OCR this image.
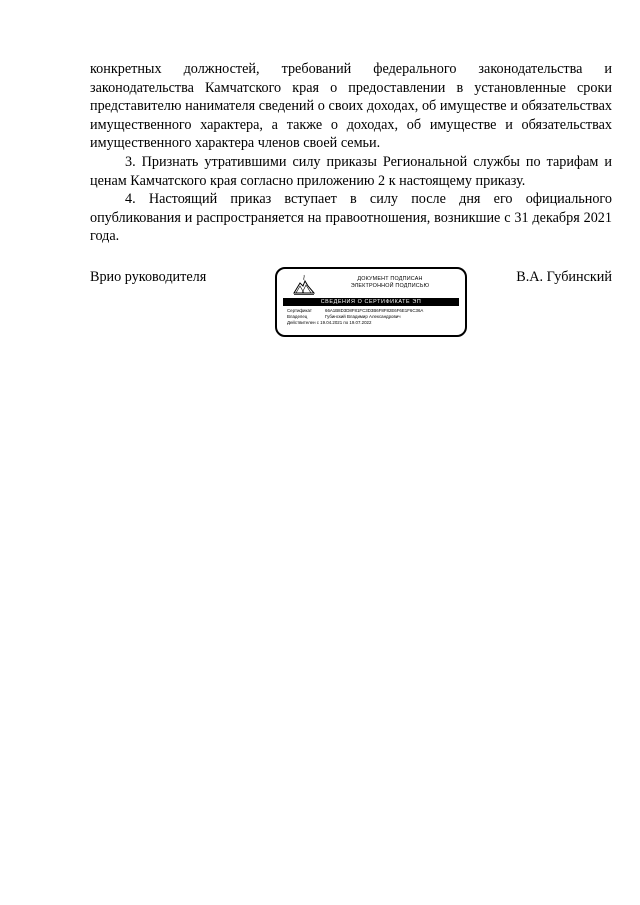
конкретных должностей, требований федерального законодательства и законодательства Камчатского края о предоставлении в установленные сроки представителю нанимателя сведений о своих доходах, об имуществе и обязательствах имущественного характера, а также о доходах, об имуществе и обязательствах имущественного характера членов своей семьи.

3. Признать утратившими силу приказы Региональной службы по тарифам и ценам Камчатского края согласно приложению 2 к настоящему приказу.

4. Настоящий приказ вступает в силу после дня его официального опубликования и распространяется на правоотношения, возникшие с 31 декабря 2021 года.

Врио руководителя	ДОКУМЕНТ ПОДПИСАН
ЭЛЕКТРОННОЙ ПОДПИСЬЮ
СВЕДЕНИЯ О СЕРТИФИКАТЕ ЭП
Сертификат	66A1B8D3D8F81FC3D3B6F8F82E6F6E1F6C36A
Владелец	Губинский Владимир Александрович
Действителен с 19.04.2021 по 19.07.2022
В.А. Губинский
